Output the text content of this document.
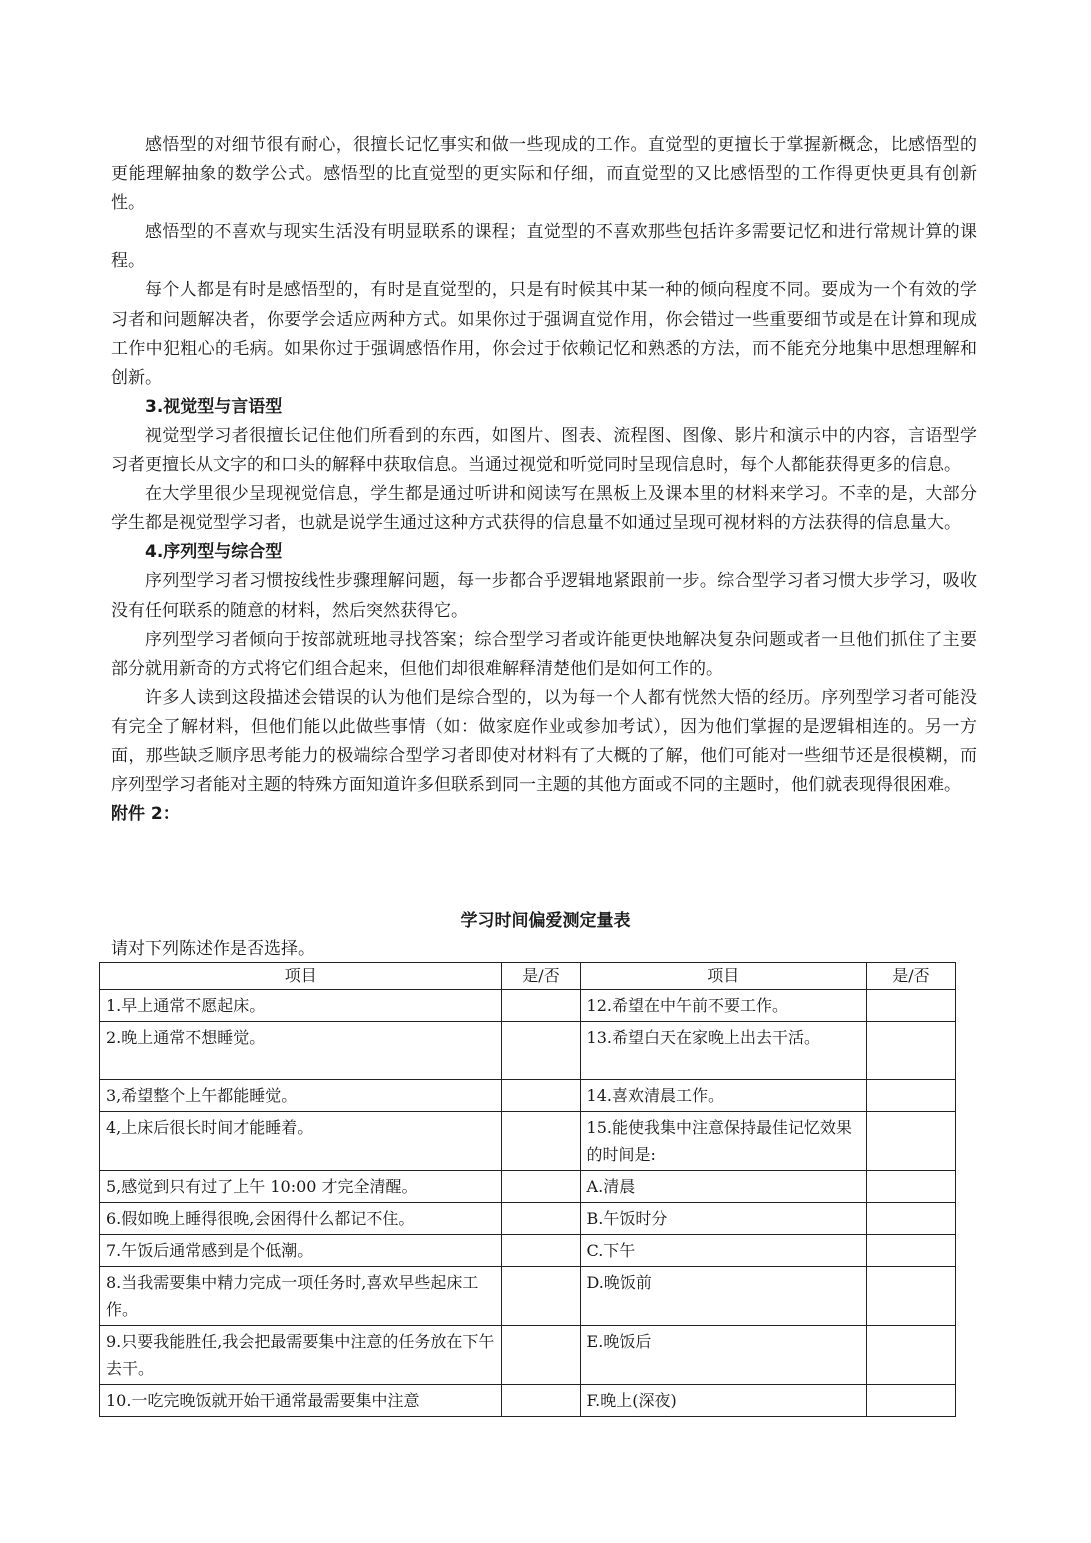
感悟型的对细节很有耐心，很擅长记忆事实和做一些现成的工作。直觉型的更擅长于掌握新概念，比感悟型的更能理解抽象的数学公式。感悟型的比直觉型的更实际和仔细，而直觉型的又比感悟型的工作得更快更具有创新性。

感悟型的不喜欢与现实生活没有明显联系的课程；直觉型的不喜欢那些包括许多需要记忆和进行常规计算的课程。

每个人都是有时是感悟型的，有时是直觉型的，只是有时候其中某一种的倾向程度不同。要成为一个有效的学习者和问题解决者，你要学会适应两种方式。如果你过于强调直觉作用，你会错过一些重要细节或是在计算和现成工作中犯粗心的毛病。如果你过于强调感悟作用，你会过于依赖记忆和熟悉的方法，而不能充分地集中思想理解和创新。

3.视觉型与言语型

视觉型学习者很擅长记住他们所看到的东西，如图片、图表、流程图、图像、影片和演示中的内容，言语型学习者更擅长从文字的和口头的解释中获取信息。当通过视觉和听觉同时呈现信息时，每个人都能获得更多的信息。

在大学里很少呈现视觉信息，学生都是通过听讲和阅读写在黑板上及课本里的材料来学习。不幸的是，大部分学生都是视觉型学习者，也就是说学生通过这种方式获得的信息量不如通过呈现可视材料的方法获得的信息量大。

4.序列型与综合型

序列型学习者习惯按线性步骤理解问题，每一步都合乎逻辑地紧跟前一步。综合型学习者习惯大步学习，吸收没有任何联系的随意的材料，然后突然获得它。

序列型学习者倾向于按部就班地寻找答案；综合型学习者或许能更快地解决复杂问题或者一旦他们抓住了主要部分就用新奇的方式将它们组合起来，但他们却很难解释清楚他们是如何工作的。

许多人读到这段描述会错误的认为他们是综合型的，以为每一个人都有恍然大悟的经历。序列型学习者可能没有完全了解材料，但他们能以此做些事情（如：做家庭作业或参加考试），因为他们掌握的是逻辑相连的。另一方面，那些缺乏顺序思考能力的极端综合型学习者即使对材料有了大概的了解，他们可能对一些细节还是很模糊，而序列型学习者能对主题的特殊方面知道许多但联系到同一主题的其他方面或不同的主题时，他们就表现得很困难。

附件 2：
学习时间偏爱测定量表
请对下列陈述作是否选择。
项目	是/否	项目	是/否
1.早上通常不愿起床。		12.希望在中午前不要工作。	
2.晚上通常不想睡觉。		13.希望白天在家晚上出去干活。	
3,希望整个上午都能睡觉。		14.喜欢清晨工作。	
4,上床后很长时间才能睡着。		15.能使我集中注意保持最佳记忆效果的时间是:	
5,感觉到只有过了上午 10:00 才完全清醒。		A.清晨	
6.假如晚上睡得很晚,会困得什么都记不住。		B.午饭时分	
7.午饭后通常感到是个低潮。		C.下午	
8.当我需要集中精力完成一项任务时,喜欢早些起床工作。		D.晚饭前	
9.只要我能胜任,我会把最需要集中注意的任务放在下午去干。		E.晚饭后	
10.一吃完晚饭就开始干通常最需要集中注意		F.晚上(深夜)	
